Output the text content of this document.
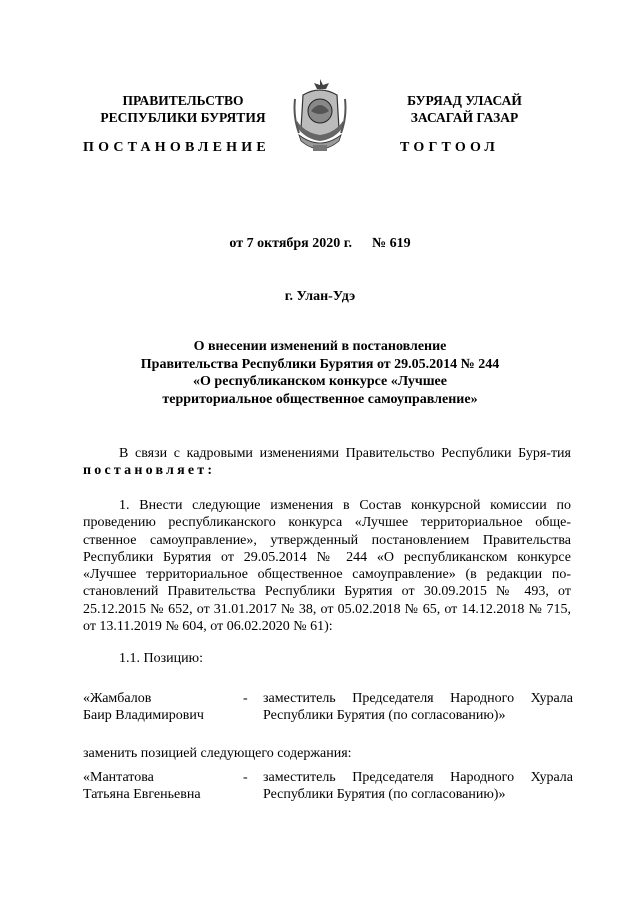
ПРАВИТЕЛЬСТВО
РЕСПУБЛИКИ БУРЯТИЯ
БУРЯАД УЛАСАЙ
ЗАСАГАЙ ГАЗАР
ПОСТАНОВЛЕНИЕ	ТОГТООЛ
от 7 октября 2020 г. № 619
г. Улан-Удэ
О внесении изменений в постановление
Правительства Республики Бурятия от 29.05.2014 № 244
«О республиканском конкурсе «Лучшее
территориальное общественное самоуправление»
В связи с кадровыми изменениями Правительство Республики Буря-тия постановляет:
1. Внести следующие изменения в Состав конкурсной комиссии по проведению республиканского конкурса «Лучшее территориальное обще-ственное самоуправление», утвержденный постановлением Правительства Республики Бурятия от 29.05.2014 № 244 «О республиканском конкурсе «Лучшее территориальное общественное самоуправление» (в редакции по-становлений Правительства Республики Бурятия от 30.09.2015 № 493, от 25.12.2015 № 652, от 31.01.2017 № 38, от 05.02.2018 № 65, от 14.12.2018 № 715, от 13.11.2019 № 604, от 06.02.2020 № 61):
1.1. Позицию:
«Жамбалов
Баир Владимирович
- заместитель Председателя Народного Хурала
Республики Бурятия (по согласованию)»
заменить позицией следующего содержания:
«Мантатова
Татьяна Евгеньевна
- заместитель Председателя Народного Хурала
Республики Бурятия (по согласованию)»
